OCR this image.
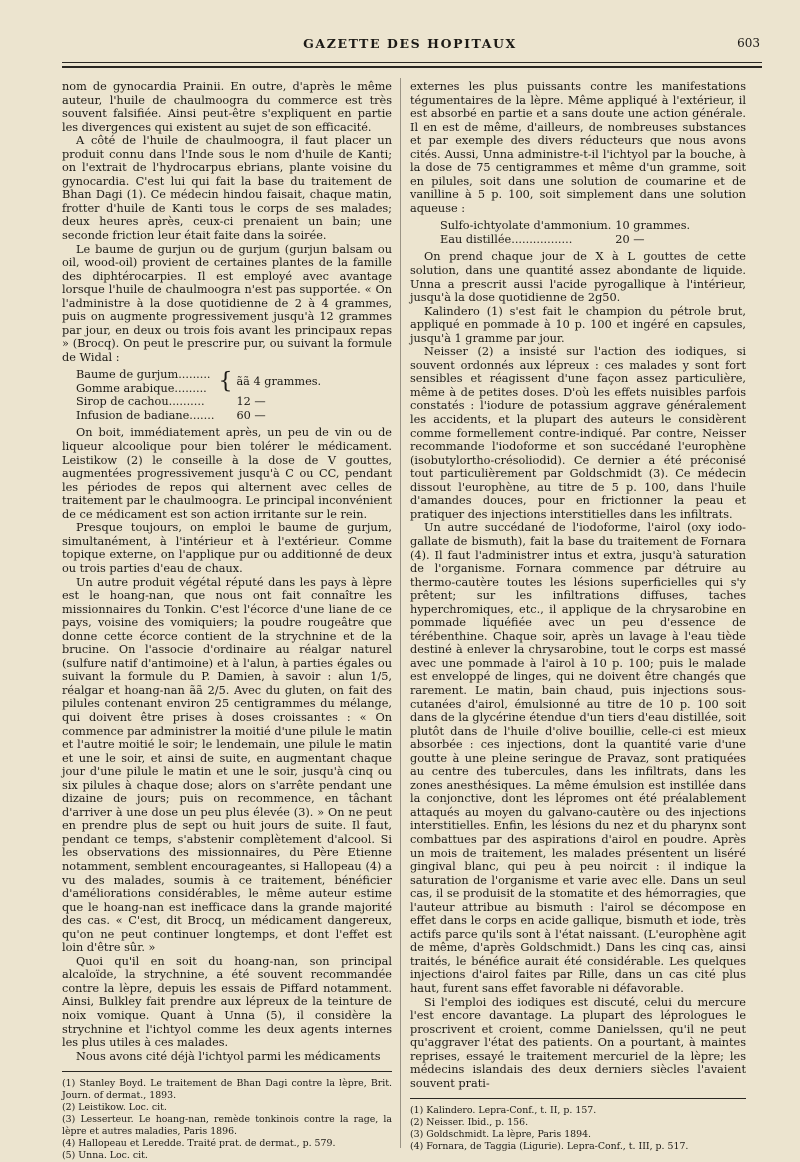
GAZETTE DES HOPITAUX	603

nom de gynocardia Prainii. En outre, d'après le même auteur, l'huile de chaulmoogra du commerce est très souvent falsifiée. Ainsi peut-être s'expliquent en partie les divergences qui existent au sujet de son efficacité.

A côté de l'huile de chaulmoogra, il faut placer un produit connu dans l'Inde sous le nom d'huile de Kanti; on l'extrait de l'hydrocarpus ebrians, plante voisine du gynocardia. C'est lui qui fait la base du traitement de Bhan Dagi (1). Ce médecin hindou faisait, chaque matin, frotter d'huile de Kanti tous le corps de ses malades; deux heures après, ceux-ci prenaient un bain; une seconde friction leur était faite dans la soirée.

Le baume de gurjun ou de gurjum (gurjun balsam ou oil, wood-oil) provient de certaines plantes de la famille des diphtérocarpies. Il est employé avec avantage lorsque l'huile de chaulmoogra n'est pas supportée. « On l'administre à la dose quotidienne de 2 à 4 grammes, puis on augmente progressivement jusqu'à 12 grammes par jour, en deux ou trois fois avant les principaux repas » (Brocq). On peut le prescrire pur, ou suivant la formule de Widal :

Baume de gurjum.........	{	ãã 4 grammes.
Gomme arabique.........		
Sirop de cachou..........		12 —
Infusion de badiane.......		60 —

On boit, immédiatement après, un peu de vin ou de liqueur alcoolique pour bien tolérer le médicament. Leistikow (2) le conseille à la dose de V gouttes, augmentées progressivement jusqu'à C ou CC, pendant les périodes de repos qui alternent avec celles de traitement par le chaulmoogra. Le principal inconvénient de ce médicament est son action irritante sur le rein.

Presque toujours, on emploi le baume de gurjum, simultanément, à l'intérieur et à l'extérieur. Comme topique externe, on l'applique pur ou additionné de deux ou trois parties d'eau de chaux.

Un autre produit végétal réputé dans les pays à lèpre est le hoang-nan, que nous ont fait connaître les missionnaires du Tonkin. C'est l'écorce d'une liane de ce pays, voisine des vomiquiers; la poudre rougeâtre que donne cette écorce contient de la strychnine et de la brucine. On l'associe d'ordinaire au réalgar naturel (sulfure natif d'antimoine) et à l'alun, à parties égales ou suivant la formule du P. Damien, à savoir : alun 1/5, réalgar et hoang-nan ãã 2/5. Avec du gluten, on fait des pilules contenant environ 25 centigrammes du mélange, qui doivent être prises à doses croissantes : « On commence par administrer la moitié d'une pilule le matin et l'autre moitié le soir; le lendemain, une pilule le matin et une le soir, et ainsi de suite, en augmentant chaque jour d'une pilule le matin et une le soir, jusqu'à cinq ou six pilules à chaque dose; alors on s'arrête pendant une dizaine de jours; puis on recommence, en tâchant d'arriver à une dose un peu plus élevée (3). » On ne peut en prendre plus de sept ou huit jours de suite. Il faut, pendant ce temps, s'abstenir complètement d'alcool. Si les observations des missionnaires, du Père Etienne notamment, semblent encourageantes, si Hallopeau (4) a vu des malades, soumis à ce traitement, bénéficier d'améliorations considérables, le même auteur estime que le hoang-nan est inefficace dans la grande majorité des cas. « C'est, dit Brocq, un médicament dangereux, qu'on ne peut continuer longtemps, et dont l'effet est loin d'être sûr. »

Quoi qu'il en soit du hoang-nan, son principal alcaloïde, la strychnine, a été souvent recommandée contre la lèpre, depuis les essais de Piffard notamment. Ainsi, Bulkley fait prendre aux lépreux de la teinture de noix vomique. Quant à Unna (5), il considère la strychnine et l'ichtyol comme les deux agents internes les plus utiles à ces malades.

Nous avons cité déjà l'ichtyol parmi les médicaments

(1) Stanley Boyd. Le traitement de Bhan Dagi contre la lèpre, Brit. Journ. of dermat., 1893.

(2) Leistikow. Loc. cit.

(3) Lesserteur. Le hoang-nan, remède tonkinois contre la rage, la lèpre et autres maladies, Paris 1896.

(4) Hallopeau et Leredde. Traité prat. de dermat., p. 579.

(5) Unna. Loc. cit.

externes les plus puissants contre les manifestations tégumentaires de la lèpre. Même appliqué à l'extérieur, il est absorbé en partie et a sans doute une action générale. Il en est de même, d'ailleurs, de nombreuses substances et par exemple des divers réducteurs que nous avons cités. Aussi, Unna administre-t-il l'ichtyol par la bouche, à la dose de 75 centigrammes et même d'un gramme, soit en pilules, soit dans une solution de coumarine et de vanilline à 5 p. 100, soit simplement dans une solution aqueuse :

Sulfo-ichtyolate d'ammonium.	10 grammes.
Eau distillée.................	20 —

On prend chaque jour de X à L gouttes de cette solution, dans une quantité assez abondante de liquide. Unna a prescrit aussi l'acide pyrogallique à l'intérieur, jusqu'à la dose quotidienne de 2g50.

Kalindero (1) s'est fait le champion du pétrole brut, appliqué en pommade à 10 p. 100 et ingéré en capsules, jusqu'à 1 gramme par jour.

Neisser (2) a insisté sur l'action des iodiques, si souvent ordonnés aux lépreux : ces malades y sont fort sensibles et réagissent d'une façon assez particulière, même à de petites doses. D'où les effets nuisibles parfois constatés : l'iodure de potassium aggrave généralement les accidents, et la plupart des auteurs le considèrent comme formellement contre-indiqué. Par contre, Neisser recommande l'iodoforme et son succédané l'europhène (isobutylortho-crésoliodid). Ce dernier a été préconisé tout particulièrement par Goldschmidt (3). Ce médecin dissout l'europhène, au titre de 5 p. 100, dans l'huile d'amandes douces, pour en frictionner la peau et pratiquer des injections interstitielles dans les infiltrats.

Un autre succédané de l'iodoforme, l'airol (oxy iodo-gallate de bismuth), fait la base du traitement de Fornara (4). Il faut l'administrer intus et extra, jusqu'à saturation de l'organisme. Fornara commence par détruire au thermo-cautère toutes les lésions superficielles qui s'y prêtent; sur les infiltrations diffuses, taches hyperchromiques, etc., il applique de la chrysarobine en pommade liquéfiée avec un peu d'essence de térébenthine. Chaque soir, après un lavage à l'eau tiède destiné à enlever la chrysarobine, tout le corps est massé avec une pommade à l'airol à 10 p. 100; puis le malade est enveloppé de linges, qui ne doivent être changés que rarement. Le matin, bain chaud, puis injections sous-cutanées d'airol, émulsionné au titre de 10 p. 100 soit dans de la glycérine étendue d'un tiers d'eau distillée, soit plutôt dans de l'huile d'olive bouillie, celle-ci est mieux absorbée : ces injections, dont la quantité varie d'une goutte à une pleine seringue de Pravaz, sont pratiquées au centre des tubercules, dans les infiltrats, dans les zones anesthésiques. La même émulsion est instillée dans la conjonctive, dont les lépromes ont été préalablement attaqués au moyen du galvano-cautère ou des injections interstitielles. Enfin, les lésions du nez et du pharynx sont combattues par des aspirations d'airol en poudre. Après un mois de traitement, les malades présentent un liséré gingival blanc, qui peu à peu noircit : il indique la saturation de l'organisme et varie avec elle. Dans un seul cas, il se produisit de la stomatite et des hémorragies, que l'auteur attribue au bismuth : l'airol se décompose en effet dans le corps en acide gallique, bismuth et iode, très actifs parce qu'ils sont à l'état naissant. (L'europhène agit de même, d'après Goldschmidt.) Dans les cinq cas, ainsi traités, le bénéfice aurait été considérable. Les quelques injections d'airol faites par Rille, dans un cas cité plus haut, furent sans effet favorable ni défavorable.

Si l'emploi des iodiques est discuté, celui du mercure l'est encore davantage. La plupart des léprologues le proscrivent et croient, comme Danielssen, qu'il ne peut qu'aggraver l'état des patients. On a pourtant, à maintes reprises, essayé le traitement mercuriel de la lèpre; les médecins islandais des deux derniers siècles l'avaient souvent prati-

(1) Kalindero. Lepra-Conf., t. II, p. 157.

(2) Neisser. Ibid., p. 156.

(3) Goldschmidt. La lèpre, Paris 1894.

(4) Fornara, de Taggia (Ligurie). Lepra-Conf., t. III, p. 517.
